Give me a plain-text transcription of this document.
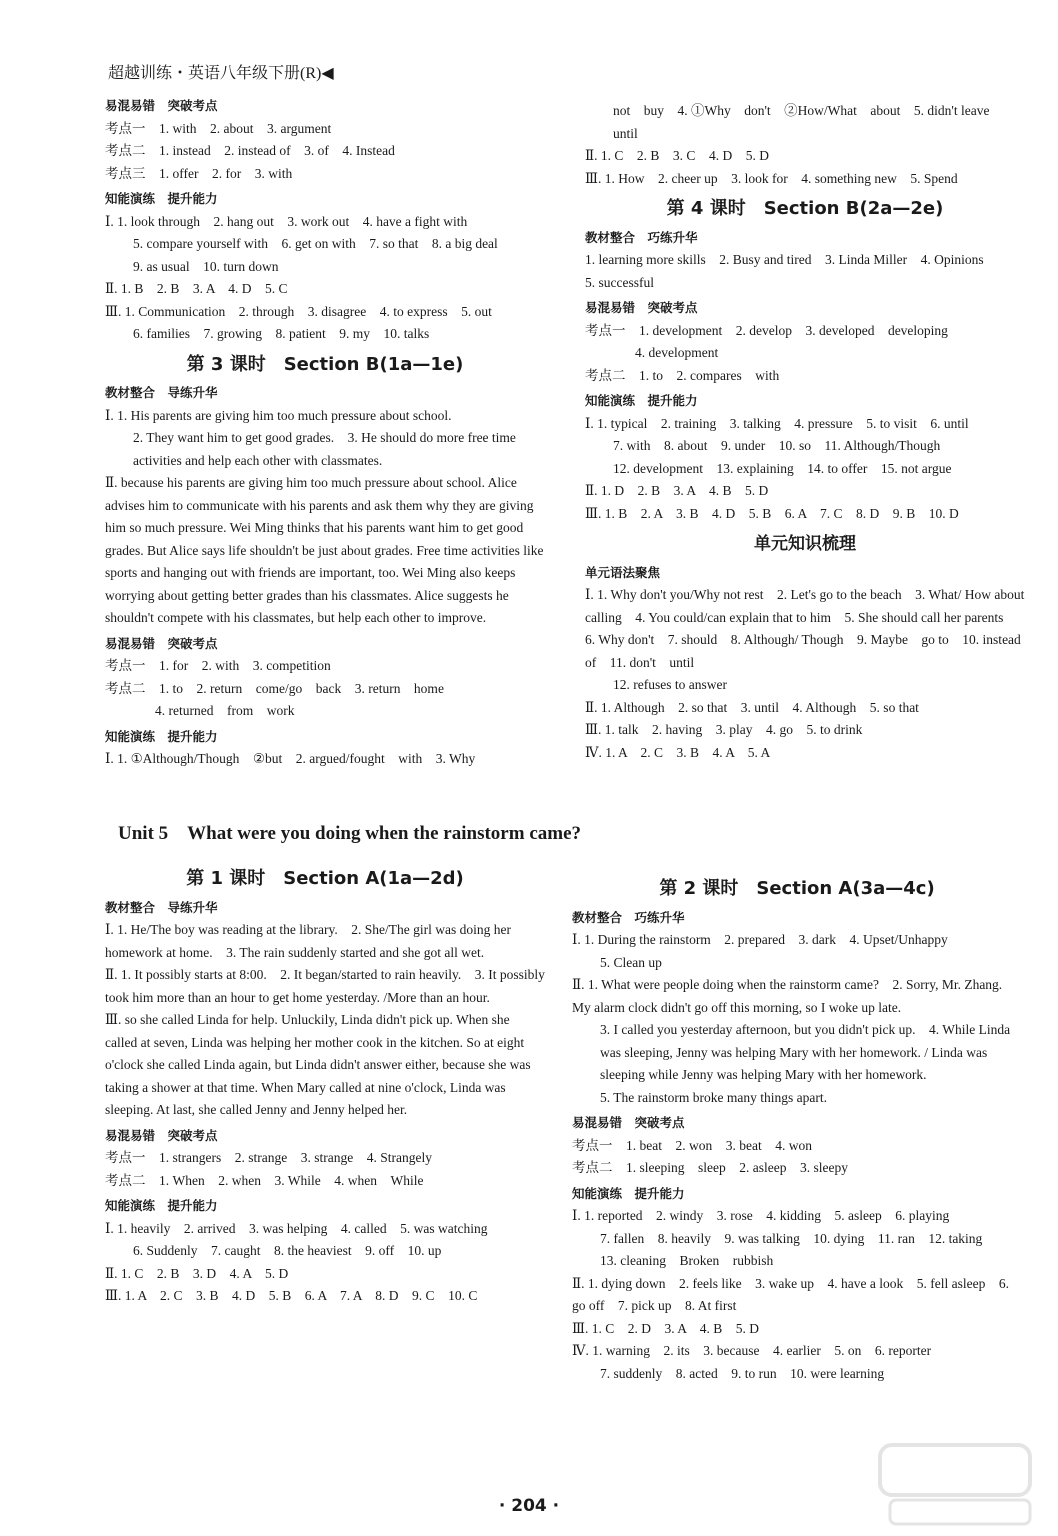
超越训练・英语八年级下册(R)◀
易混易错　突破考点
考点一　1. with　2. about　3. argument
考点二　1. instead　2. instead of　3. of　4. Instead
考点三　1. offer　2. for　3. with
知能演练　提升能力
Ⅰ. 1. look through　2. hang out　3. work out　4. have a fight with
5. compare yourself with　6. get on with　7. so that　8. a big deal
9. as usual　10. turn down
Ⅱ. 1. B　2. B　3. A　4. D　5. C
Ⅲ. 1. Communication　2. through　3. disagree　4. to express　5. out
6. families　7. growing　8. patient　9. my　10. talks
第 3 课时　Section B(1a—1e)
教材整合　导练升华
Ⅰ. 1. His parents are giving him too much pressure about school.
2. They want him to get good grades.　3. He should do more free time activities and help each other with classmates.
Ⅱ. because his parents are giving him too much pressure about school. Alice advises him to communicate with his parents and ask them why they are giving him so much pressure. Wei Ming thinks that his parents want him to get good grades. But Alice says life shouldn't be just about grades. Free time activities like sports and hanging out with friends are important, too. Wei Ming also keeps worrying about getting better grades than his classmates. Alice suggests he shouldn't compete with his classmates, but help each other to improve.
易混易错　突破考点
考点一　1. for　2. with　3. competition
考点二　1. to　2. return　come/go　back　3. return　home
4. returned　from　work
知能演练　提升能力
Ⅰ. 1. ①Although/Though　②but　2. argued/fought　with　3. Why
not　buy　4. ①Why　don't　②How/What　about　5. didn't leave　until
Ⅱ. 1. C　2. B　3. C　4. D　5. D
Ⅲ. 1. How　2. cheer up　3. look for　4. something new　5. Spend
第 4 课时　Section B(2a—2e)
教材整合　巧练升华
1. learning more skills　2. Busy and tired　3. Linda Miller　4. Opinions
5. successful
易混易错　突破考点
考点一　1. development　2. develop　3. developed　developing
4. development
考点二　1. to　2. compares　with
知能演练　提升能力
Ⅰ. 1. typical　2. training　3. talking　4. pressure　5. to visit　6. until
7. with　8. about　9. under　10. so　11. Although/Though
12. development　13. explaining　14. to offer　15. not argue
Ⅱ. 1. D　2. B　3. A　4. B　5. D
Ⅲ. 1. B　2. A　3. B　4. D　5. B　6. A　7. C　8. D　9. B　10. D
单元知识梳理
单元语法聚焦
Ⅰ. 1. Why don't you/Why not rest　2. Let's go to the beach　3. What/ How about calling　4. You could/can explain that to him　5. She should call her parents　6. Why don't　7. should　8. Although/ Though　9. Maybe　go to　10. instead of　11. don't　until
12. refuses to answer
Ⅱ. 1. Although　2. so that　3. until　4. Although　5. so that
Ⅲ. 1. talk　2. having　3. play　4. go　5. to drink
Ⅳ. 1. A　2. C　3. B　4. A　5. A
Unit 5　What were you doing when the rainstorm came?
第 1 课时　Section A(1a—2d)
教材整合　导练升华
Ⅰ. 1. He/The boy was reading at the library.　2. She/The girl was doing her homework at home.　3. The rain suddenly started and she got all wet.
Ⅱ. 1. It possibly starts at 8:00.　2. It began/started to rain heavily.　3. It possibly took him more than an hour to get home yesterday. /More than an hour.
Ⅲ. so she called Linda for help. Unluckily, Linda didn't pick up. When she called at seven, Linda was helping her mother cook in the kitchen. So at eight o'clock she called Linda again, but Linda didn't answer either, because she was taking a shower at that time. When Mary called at nine o'clock, Linda was sleeping. At last, she called Jenny and Jenny helped her.
易混易错　突破考点
考点一　1. strangers　2. strange　3. strange　4. Strangely
考点二　1. When　2. when　3. While　4. when　While
知能演练　提升能力
Ⅰ. 1. heavily　2. arrived　3. was helping　4. called　5. was watching
6. Suddenly　7. caught　8. the heaviest　9. off　10. up
Ⅱ. 1. C　2. B　3. D　4. A　5. D
Ⅲ. 1. A　2. C　3. B　4. D　5. B　6. A　7. A　8. D　9. C　10. C
第 2 课时　Section A(3a—4c)
教材整合　巧练升华
Ⅰ. 1. During the rainstorm　2. prepared　3. dark　4. Upset/Unhappy
5. Clean up
Ⅱ. 1. What were people doing when the rainstorm came?　2. Sorry, Mr. Zhang. My alarm clock didn't go off this morning, so I woke up late.
3. I called you yesterday afternoon, but you didn't pick up.　4. While Linda was sleeping, Jenny was helping Mary with her homework. / Linda was sleeping while Jenny was helping Mary with her homework.
5. The rainstorm broke many things apart.
易混易错　突破考点
考点一　1. beat　2. won　3. beat　4. won
考点二　1. sleeping　sleep　2. asleep　3. sleepy
知能演练　提升能力
Ⅰ. 1. reported　2. windy　3. rose　4. kidding　5. asleep　6. playing
7. fallen　8. heavily　9. was talking　10. dying　11. ran　12. taking
13. cleaning　Broken　rubbish
Ⅱ. 1. dying down　2. feels like　3. wake up　4. have a look　5. fell asleep　6. go off　7. pick up　8. At first
Ⅲ. 1. C　2. D　3. A　4. B　5. D
Ⅳ. 1. warning　2. its　3. because　4. earlier　5. on　6. reporter
7. suddenly　8. acted　9. to run　10. were learning
· 204 ·
